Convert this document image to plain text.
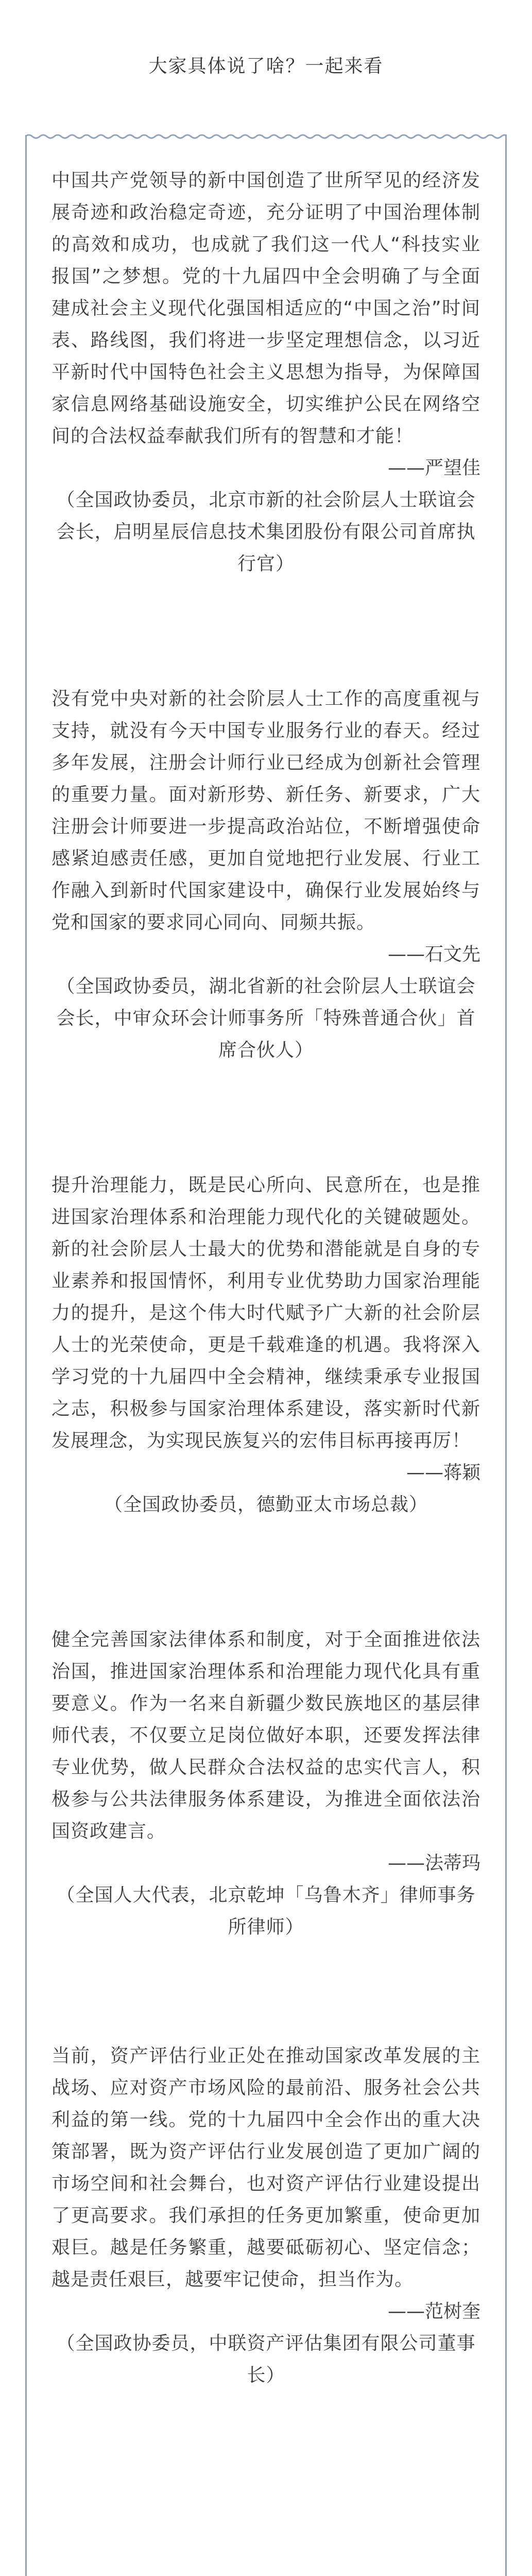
大家具体说了啥？一起来看

中国共产党领导的新中国创造了世所罕见的经济发展奇迹和政治稳定奇迹，充分证明了中国治理体制的高效和成功，也成就了我们这一代人“科技实业报国”之梦想。党的十九届四中全会明确了与全面建成社会主义现代化强国相适应的“中国之治”时间表、路线图，我们将进一步坚定理想信念，以习近平新时代中国特色社会主义思想为指导，为保障国家信息网络基础设施安全，切实维护公民在网络空间的合法权益奉献我们所有的智慧和才能！

——严望佳

（全国政协委员，北京市新的社会阶层人士联谊会会长，启明星辰信息技术集团股份有限公司首席执行官）

没有党中央对新的社会阶层人士工作的高度重视与支持，就没有今天中国专业服务行业的春天。经过多年发展，注册会计师行业已经成为创新社会管理的重要力量。面对新形势、新任务、新要求，广大注册会计师要进一步提高政治站位，不断增强使命感紧迫感责任感，更加自觉地把行业发展、行业工作融入到新时代国家建设中，确保行业发展始终与党和国家的要求同心同向、同频共振。

——石文先

（全国政协委员，湖北省新的社会阶层人士联谊会会长，中审众环会计师事务所「特殊普通合伙」首席合伙人）

提升治理能力，既是民心所向、民意所在，也是推进国家治理体系和治理能力现代化的关键破题处。新的社会阶层人士最大的优势和潜能就是自身的专业素养和报国情怀，利用专业优势助力国家治理能力的提升，是这个伟大时代赋予广大新的社会阶层人士的光荣使命，更是千载难逢的机遇。我将深入学习党的十九届四中全会精神，继续秉承专业报国之志，积极参与国家治理体系建设，落实新时代新发展理念，为实现民族复兴的宏伟目标再接再厉！

——蒋颖

（全国政协委员，德勤亚太市场总裁）

健全完善国家法律体系和制度，对于全面推进依法治国，推进国家治理体系和治理能力现代化具有重要意义。作为一名来自新疆少数民族地区的基层律师代表，不仅要立足岗位做好本职，还要发挥法律专业优势，做人民群众合法权益的忠实代言人，积极参与公共法律服务体系建设，为推进全面依法治国资政建言。

——法蒂玛

（全国人大代表，北京乾坤「乌鲁木齐」律师事务所律师）

当前，资产评估行业正处在推动国家改革发展的主战场、应对资产市场风险的最前沿、服务社会公共利益的第一线。党的十九届四中全会作出的重大决策部署，既为资产评估行业发展创造了更加广阔的市场空间和社会舞台，也对资产评估行业建设提出了更高要求。我们承担的任务更加繁重，使命更加艰巨。越是任务繁重，越要砥砺初心、坚定信念；越是责任艰巨，越要牢记使命，担当作为。

——范树奎

（全国政协委员，中联资产评估集团有限公司董事长）
